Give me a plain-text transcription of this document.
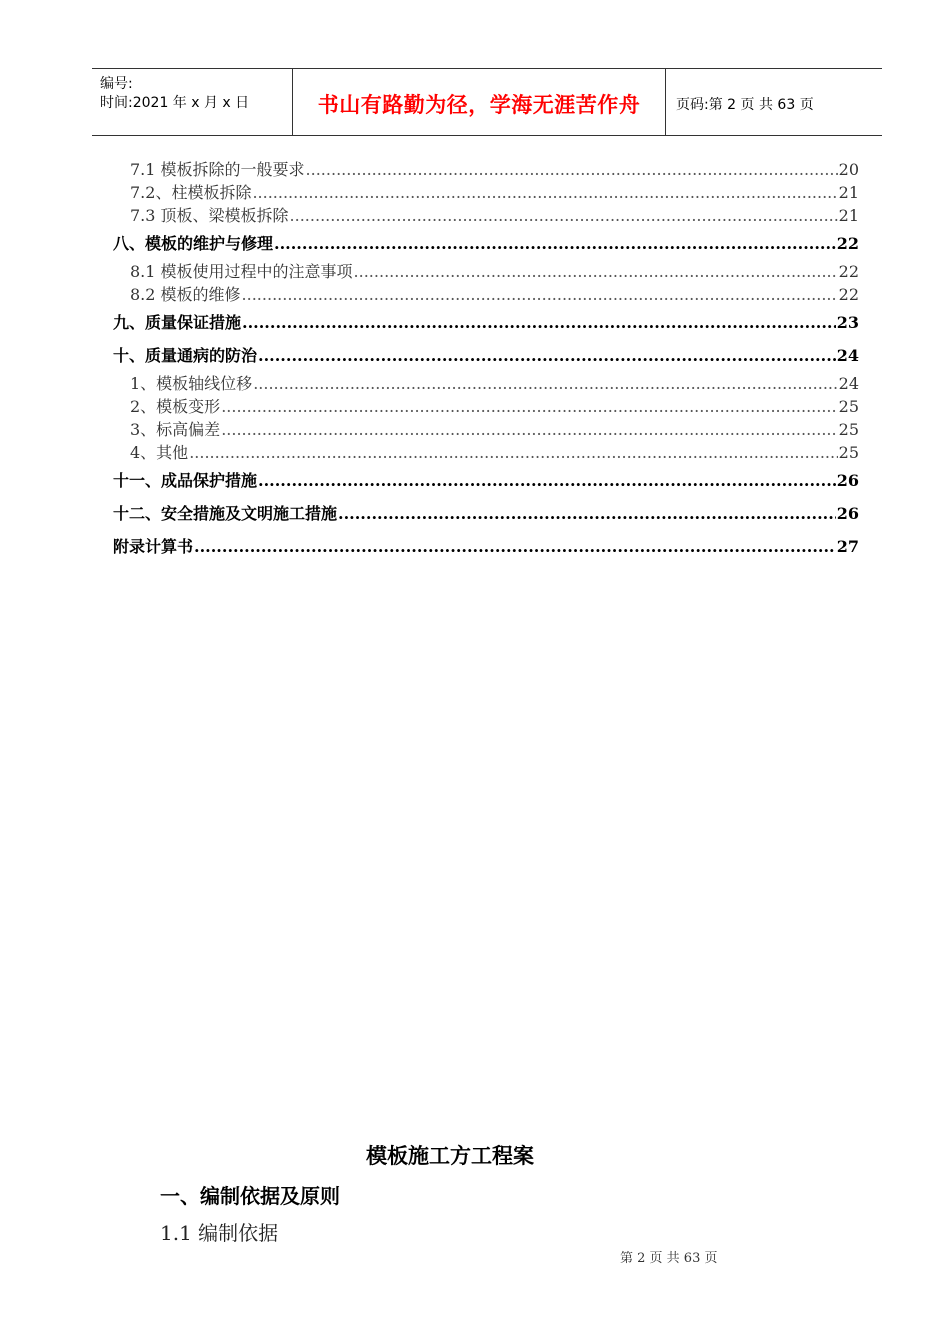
编号:
时间:2021 年 x 月 x 日	书山有路勤为径，学海无涯苦作舟	页码:第 2 页 共 63 页
7.1 模板拆除的一般要求 .....	20
7.2、柱模板拆除 .....	21
7.3 顶板、梁模板拆除 .....	21
八、模板的维护与修理 .....	22
8.1 模板使用过程中的注意事项 .....	22
8.2 模板的维修 .....	22
九、质量保证措施 .....	23
十、质量通病的防治 .....	24
1、模板轴线位移 .....	24
2、模板变形 .....	25
3、标高偏差 .....	25
4、其他 .....	25
十一、成品保护措施 .....	26
十二、安全措施及文明施工措施 .....	26
附录计算书 .....	27
模板施工方工程案
一、编制依据及原则
1.1 编制依据
第 2 页 共 63 页
